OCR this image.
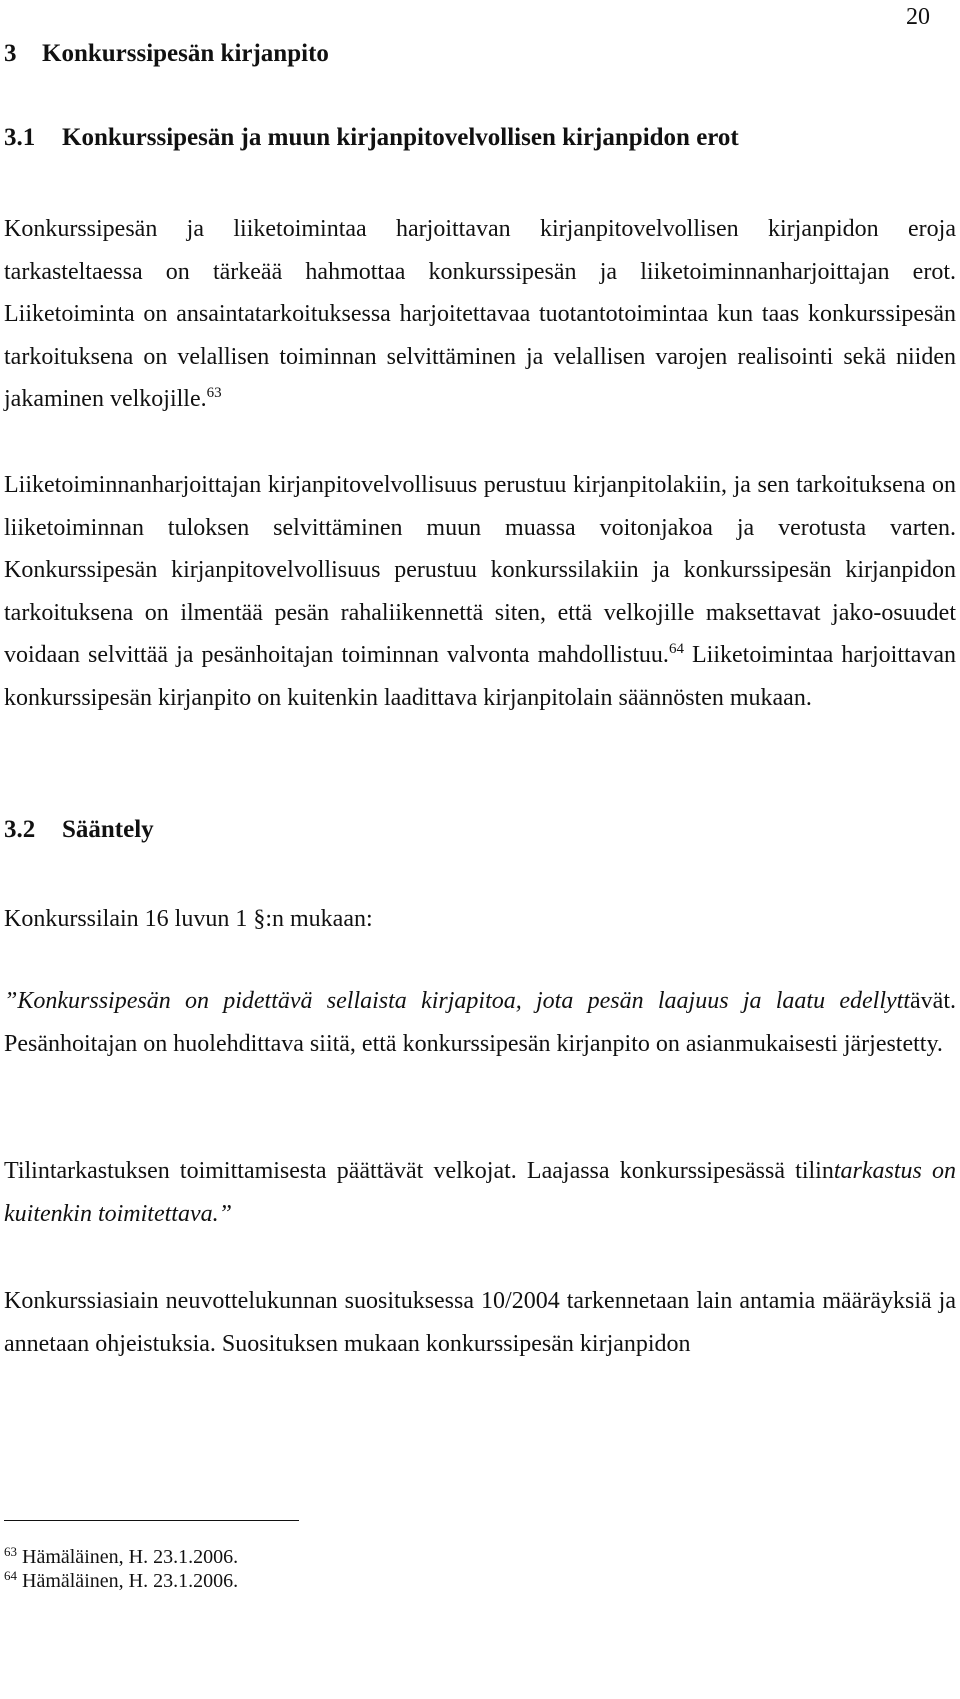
20
3 Konkurssipesän kirjanpito
3.1 Konkurssipesän ja muun kirjanpitovelvollisen kirjanpidon erot

Konkurssipesän ja liiketoimintaa harjoittavan kirjanpitovelvollisen kirjanpidon eroja tarkasteltaessa on tärkeää hahmottaa konkurssipesän ja liiketoiminnanharjoittajan erot. Liiketoiminta on ansaintatarkoituksessa harjoitettavaa tuotantotoimintaa kun taas konkurssipesän tarkoituksena on velallisen toiminnan selvittäminen ja velallisen varojen realisointi sekä niiden jakaminen velkojille.$^{63}$

Liiketoiminnanharjoittajan kirjanpitovelvollisuus perustuu kirjanpitolakiin, ja sen tarkoituksena on liiketoiminnan tuloksen selvittäminen muun muassa voitonjakoa ja verotusta varten. Konkurssipesän kirjanpitovelvollisuus perustuu konkurssilakiin ja konkurssipesän kirjanpidon tarkoituksena on ilmentää pesän rahaliikennettä siten, että velkojille maksettavat jako-osuudet voidaan selvittää ja pesänhoitajan toiminnan valvonta mahdollistuu.$^{64}$ Liiketoimintaa harjoittavan konkurssipesän kirjanpito on kuitenkin laadittava kirjanpitolain säännösten mukaan.

3.2 Sääntely

Konkurssilain 16 luvun 1 §:n mukaan:

”Konkurssipesän on pidettävä sellaista kirjapitoa, jota pesän laajuus ja laatu edellyttävät. Pesänhoitajan on huolehdittava siitä, että konkurssipesän kirjanpito on asianmukaisesti järjestetty.

Tilintarkastuksen toimittamisesta päättävät velkojat. Laajassa konkurssipesässä tilintarkastus on kuitenkin toimitettava.”

Konkurssiasiain neuvottelukunnan suosituksessa 10/2004 tarkennetaan lain antamia määräyksiä ja annetaan ohjeistuksia. Suosituksen mukaan konkurssipesän kirjanpidon

$^{63}$ Hämäläinen, H. 23.1.2006.
$^{64}$ Hämäläinen, H. 23.1.2006.
